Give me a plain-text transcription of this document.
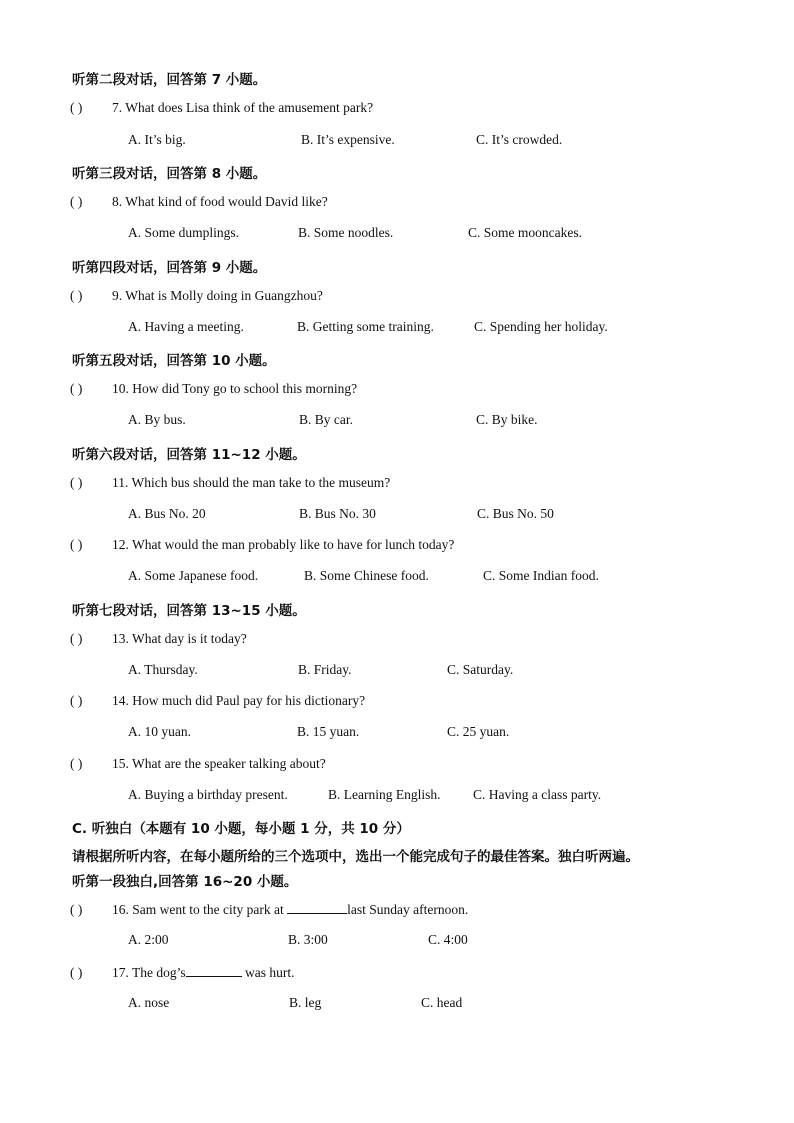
听第二段对话，回答第 7 小题。
( ) 7. What does Lisa think of the amusement park?
A. It’s big.	B. It’s expensive.	C. It’s crowded.
听第三段对话，回答第 8 小题。
( ) 8. What kind of food would David like?
A. Some dumplings.	B. Some noodles.	C. Some mooncakes.
听第四段对话，回答第 9 小题。
( ) 9. What is Molly doing in Guangzhou?
A. Having a meeting.	B. Getting some training.	C. Spending her holiday.
听第五段对话，回答第 10 小题。
( ) 10. How did Tony go to school this morning?
A. By bus.	B. By car.	C. By bike.
听第六段对话，回答第 11~12 小题。
( ) 11. Which bus should the man take to the museum?
A. Bus No. 20	B. Bus No. 30	C. Bus No. 50
( ) 12. What would the man probably like to have for lunch today?
A. Some Japanese food.	B. Some Chinese food.	C. Some Indian food.
听第七段对话，回答第 13~15 小题。
( ) 13. What day is it today?
A. Thursday.	B. Friday.	C. Saturday.
( ) 14. How much did Paul pay for his dictionary?
A. 10 yuan.	B. 15 yuan.	C. 25 yuan.
( ) 15. What are the speaker talking about?
A. Buying a birthday present.	B. Learning English. C. Having a class party.
C. 听独白（本题有 10 小题，每小题 1 分，共 10 分）
请根据所听内容，在每小题所给的三个选项中，选出一个能完成句子的最佳答案。独白听两遍。
听第一段独白,回答第 16~20 小题。
( ) 16. Sam went to the city park at	last Sunday afternoon.
A. 2:00	B. 3:00	C. 4:00
( ) 17. The dog’s	was hurt.
A. nose	B. leg	C. head
